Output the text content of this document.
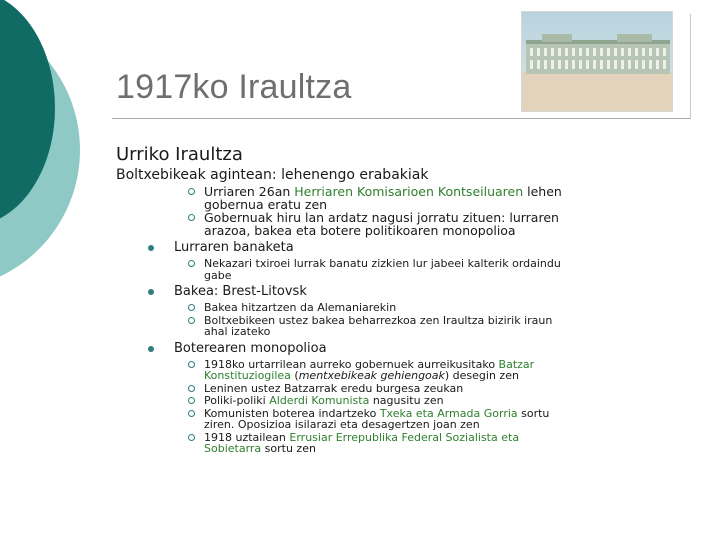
1917ko Iraultza

Urriko Iraultza

Boltxebikeak agintean: lehenengo erabakiak

Urriaren 26an Herriaren Komisarioen Kontseiluaren lehen gobernua eratu zen
Gobernuak hiru lan ardatz nagusi jorratu zituen: lurraren arazoa, bakea eta botere politikoaren monopolioa
Lurraren banaketa
Nekazari txiroei lurrak banatu zizkien lur jabeei kalterik ordaindu gabe
Bakea: Brest-Litovsk
Bakea hitzartzen da Alemaniarekin
Boltxebikeen ustez bakea beharrezkoa zen Iraultza bizirik iraun ahal izateko
Boterearen monopolioa
1918ko urtarrilean aurreko gobernuek aurreikusitako Batzar Konstituziogilea (mentxebikeak gehiengoak) desegin zen
Leninen ustez Batzarrak eredu burgesa zeukan
Poliki-poliki Alderdi Komunista nagusitu zen
Komunisten boterea indartzeko Txeka eta Armada Gorria sortu ziren. Oposizioa isilarazi eta desagertzen joan zen
1918 uztailean Errusiar Errepublika Federal Sozialista eta Sobietarra sortu zen
